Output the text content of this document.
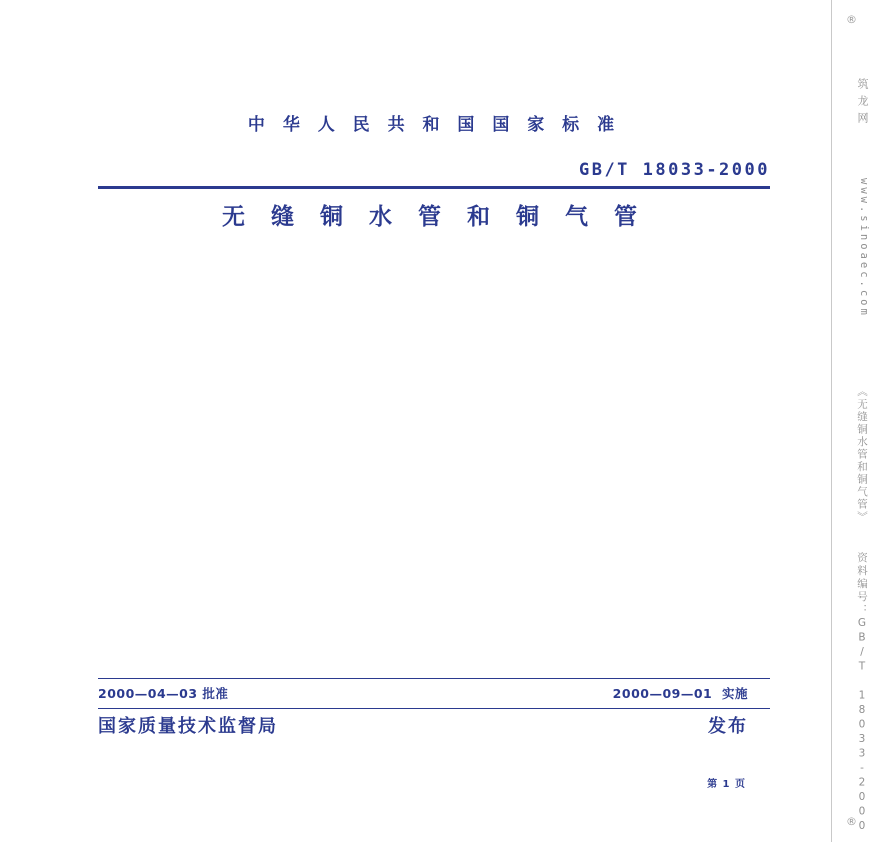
中 华 人 民 共 和 国 国 家 标 准
GB/T 18033-2000
无 缝 铜 水 管 和 铜 气 管
2000—04—03 批准	2000—09—01 实施
国家质量技术监督局	发布
第 1 页
®
筑龙网
www.sinoaec.com
《无缝铜水管和铜气管》
资料编号：GB/T 18033-2000
®
